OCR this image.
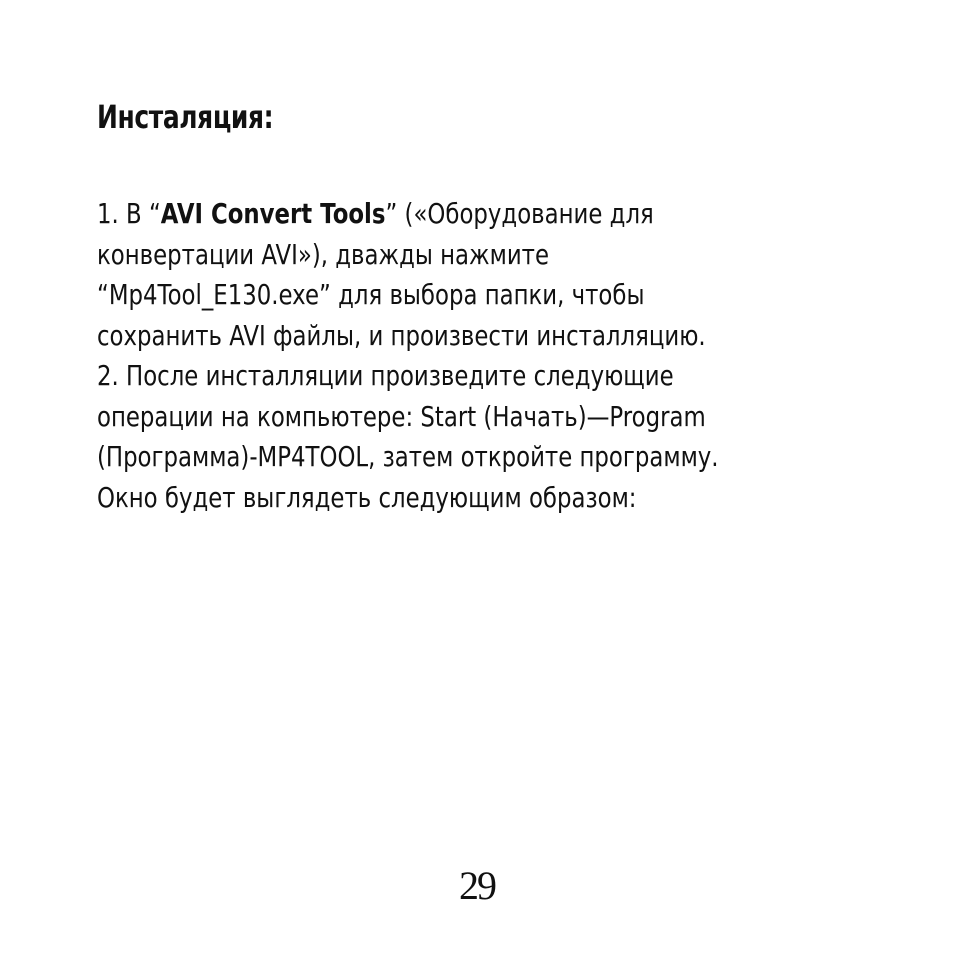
Инсталяция:
1. В “AVI Convert Tools” («Оборудование для
конвертации AVI»), дважды нажмите
“Mp4Tool_E130.exe” для выбора папки, чтобы
сохранить AVI файлы, и произвести инсталляцию.
2. После инсталляции произведите следующие
операции на компьютере: Start (Начать)—Program
(Программа)-MP4TOOL, затем откройте программу.
Окно будет выглядеть следующим образом:
29
